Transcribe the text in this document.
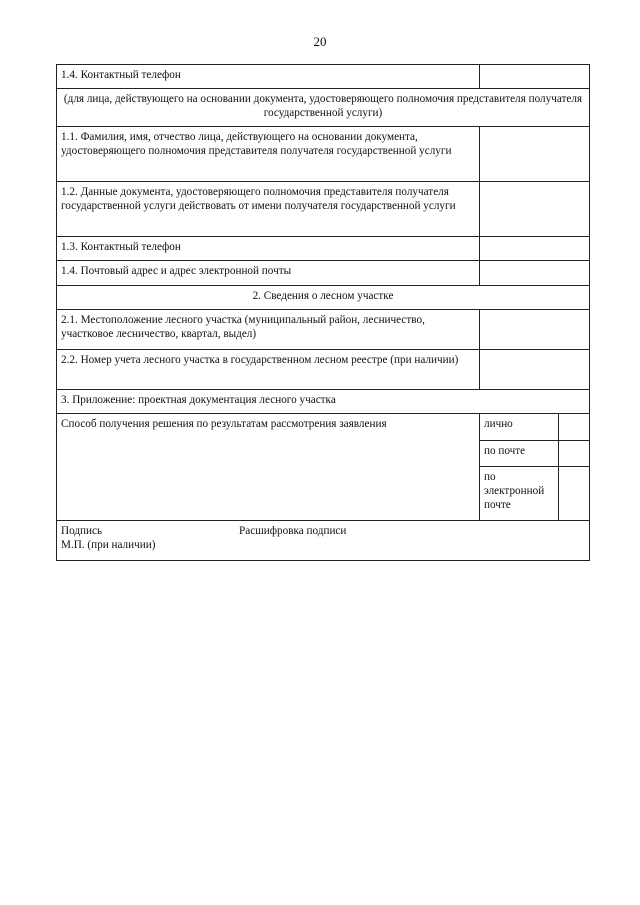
20
1.4. Контактный телефон		
(для лица, действующего на основании документа, удостоверяющего полномочия представителя получателя государственной услуги)		
1.1. Фамилия, имя, отчество лица, действующего на основании документа, удостоверяющего полномочия представителя получателя государственной услуги		
1.2. Данные документа, удостоверяющего полномочия представителя получателя государственной услуги действовать от имени получателя государственной услуги		
1.3. Контактный телефон		
1.4. Почтовый адрес и адрес электронной почты		
2. Сведения о лесном участке		
2.1. Местоположение лесного участка (муниципальный район, лесничество, участковое лесничество, квартал, выдел)		
2.2. Номер учета лесного участка в государственном лесном реестре (при наличии)		
3. Приложение: проектная документация лесного участка		
Способ получения решения по результатам рассмотрения заявления	лично	
	по почте	
	по электронной почте	

Подпись Расшифровка подписи
М.П. (при наличии)		
